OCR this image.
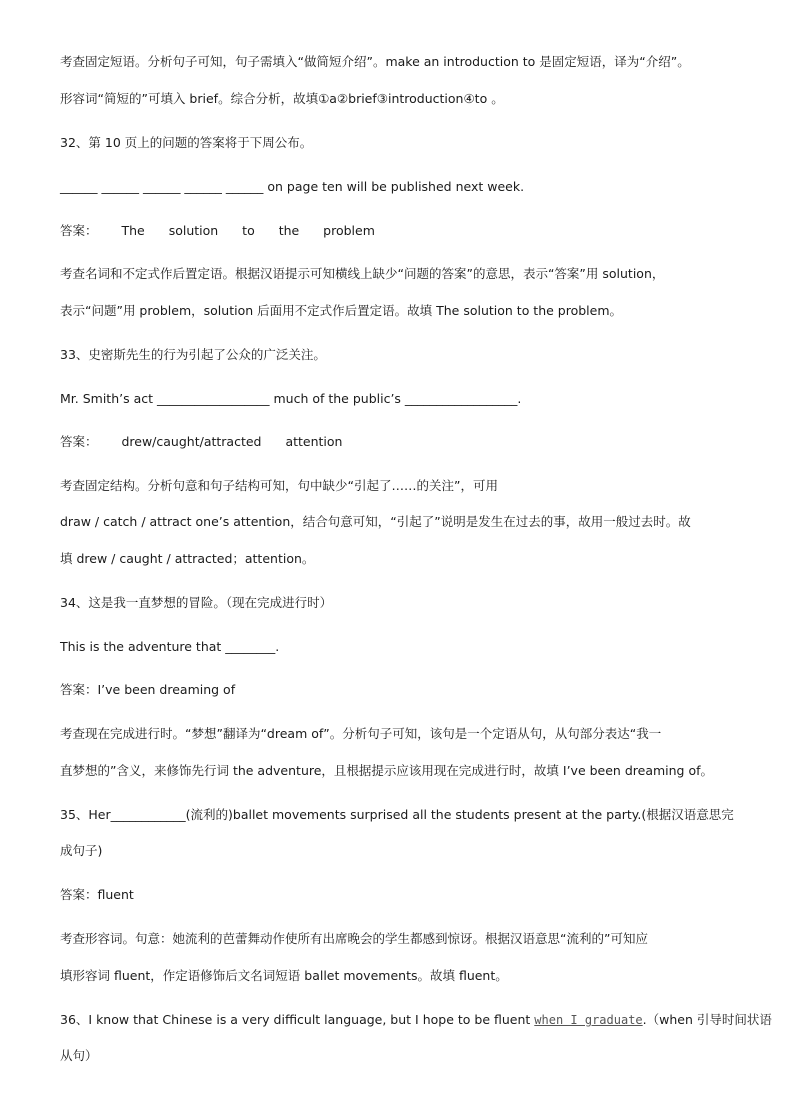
考查固定短语。分析句子可知，句子需填入“做简短介绍”。make an introduction to 是固定短语，译为“介绍”。
形容词“简短的”可填入 brief。综合分析，故填①a②brief③introduction④to 。
32、第 10 页上的问题的答案将于下周公布。
______ ______ ______ ______ ______ on page ten will be published next week.
答案： The solution to the problem
考查名词和不定式作后置定语。根据汉语提示可知横线上缺少“问题的答案”的意思，表示“答案”用 solution，
表示“问题”用 problem，solution 后面用不定式作后置定语。故填 The solution to the problem。
33、史密斯先生的行为引起了公众的广泛关注。
Mr. Smith’s act __________________ much of the public’s __________________.
答案： drew/caught/attracted attention
考查固定结构。分析句意和句子结构可知，句中缺少“引起了……的关注”，可用
draw / catch / attract one’s attention，结合句意可知，“引起了”说明是发生在过去的事，故用一般过去时。故
填 drew / caught / attracted；attention。
34、这是我一直梦想的冒险。（现在完成进行时）
This is the adventure that ________.
答案：I’ve been dreaming of
考查现在完成进行时。“梦想”翻译为“dream of”。分析句子可知，该句是一个定语从句，从句部分表达“我一
直梦想的”含义，来修饰先行词 the adventure，且根据提示应该用现在完成进行时，故填 I’ve been dreaming of。
35、Her____________(流利的)ballet movements surprised all the students present at the party.(根据汉语意思完
成句子)
答案：fluent
考查形容词。句意：她流利的芭蕾舞动作使所有出席晚会的学生都感到惊讶。根据汉语意思“流利的”可知应
填形容词 fluent，作定语修饰后文名词短语 ballet movements。故填 fluent。
36、I know that Chinese is a very difficult language, but I hope to be fluent when I graduate.（when 引导时间状语
从句）
